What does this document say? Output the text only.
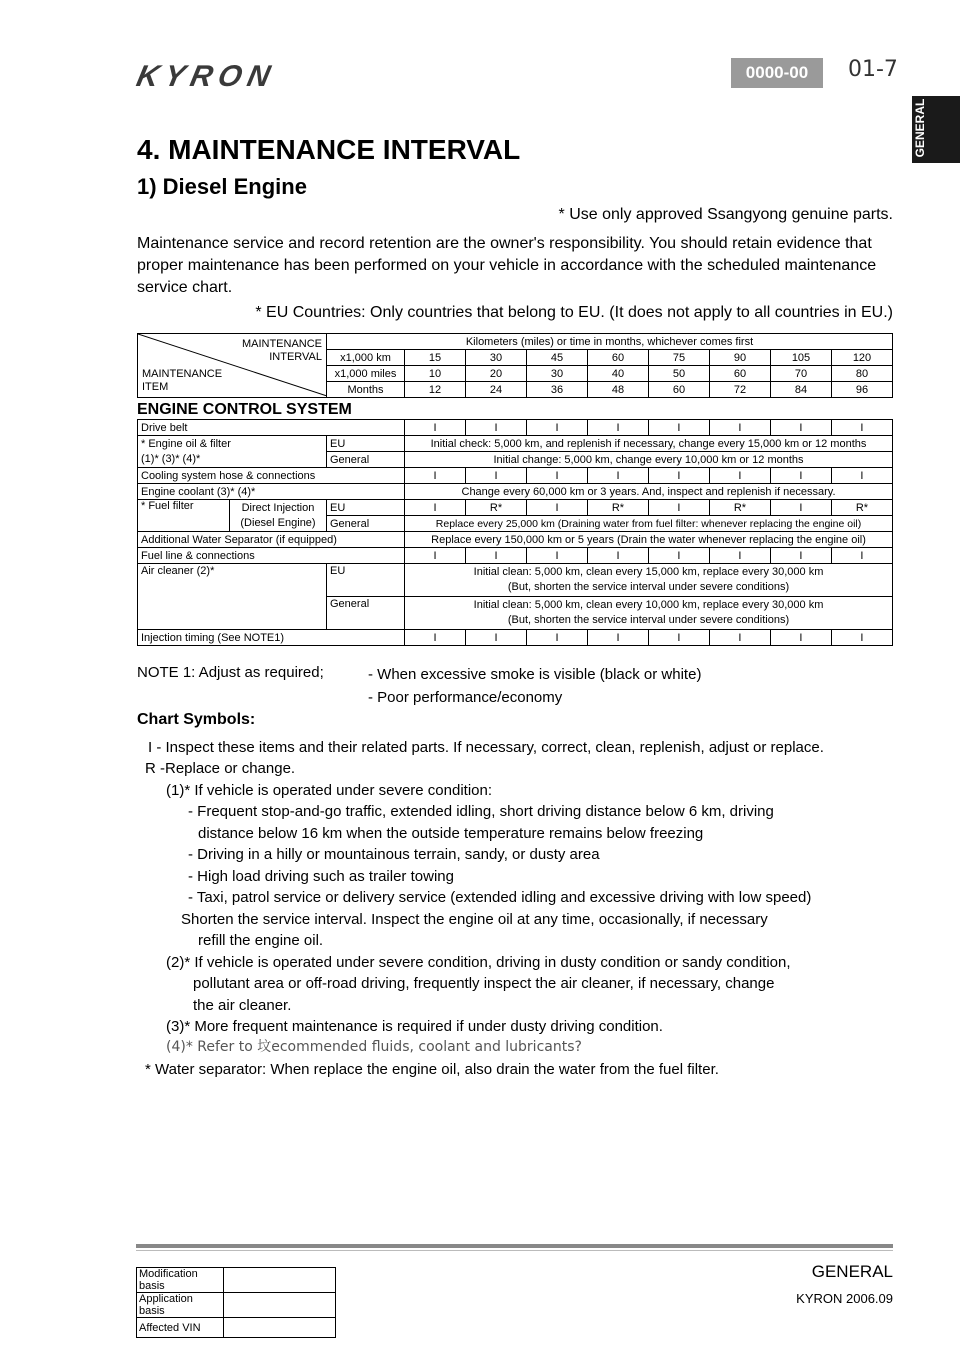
KYRON	0000-00	01-7
GENERAL
4. MAINTENANCE INTERVAL
1) Diesel Engine
* Use only approved Ssangyong genuine parts.
Maintenance service and record retention are the owner's responsibility. You should retain evidence that proper maintenance has been performed on your vehicle in accordance with the scheduled maintenance service chart.
* EU Countries: Only countries that belong to EU. (It does not apply to all countries in EU.)
MAINTENANCE
INTERVAL
MAINTENANCE
ITEM	Kilometers (miles) or time in months, whichever comes first								
	x1,000 km	15	30	45	60	75	90	105	120
	x1,000 miles	10	20	30	40	50	60	70	80
	Months	12	24	36	48	60	72	84	96
ENGINE CONTROL SYSTEM
Drive belt			I	I	I	I	I	I	I	I

* Engine oil & filter
(1)* (3)* (4)*		EU	Initial check: 5,000 km, and replenish if necessary, change every 15,000 km or 12 months							
		General	Initial change: 5,000 km, change every 10,000 km or 12 months							
Cooling system hose & connections			I	I	I	I	I	I	I	I
Engine coolant (3)* (4)*			Change every 60,000 km or 3 years. And, inspect and replenish if necessary.							
* Fuel filter	Direct Injection
(Diesel Engine)	EU	I	R*	I	R*	I	R*	I	R*
		General	Replace every 25,000 km (Draining water from fuel filter: whenever replacing the engine oil)							
Additional Water Separator (if equipped)			Replace every 150,000 km or 5 years (Drain the water whenever replacing the engine oil)							
Fuel line & connections			I	I	I	I	I	I	I	I
Air cleaner (2)*		EU	Initial clean: 5,000 km, clean every 15,000 km, replace every 30,000 km
(But, shorten the service interval under severe conditions)							

		General	Initial clean: 5,000 km, clean every 10,000 km, replace every 30,000 km
(But, shorten the service interval under severe conditions)							

Injection timing (See NOTE1)			I	I	I	I	I	I	I	I
NOTE 1: Adjust as required;	- When excessive smoke is visible (black or white)
- Poor performance/economy
Chart Symbols:
I - Inspect these items and their related parts. If necessary, correct, clean, replenish, adjust or replace.
R -Replace or change.
(1)* If vehicle is operated under severe condition:
- Frequent stop-and-go traffic, extended idling, short driving distance below 6 km, driving
distance below 16 km when the outside temperature remains below freezing
- Driving in a hilly or mountainous terrain, sandy, or dusty area
- High load driving such as trailer towing
- Taxi, patrol service or delivery service (extended idling and excessive driving with low speed)
Shorten the service interval. Inspect the engine oil at any time, occasionally, if necessary
refill the engine oil.
(2)* If vehicle is operated under severe condition, driving in dusty condition or sandy condition,
pollutant area or off-road driving, frequently inspect the air cleaner, if necessary, change
the air cleaner.
(3)* More frequent maintenance is required if under dusty driving condition.
(4)* Refer to 坟ecommended fluids, coolant and lubricants?
* Water separator: When replace the engine oil, also drain the water from the fuel filter.
GENERAL
KYRON 2006.09
Modification basis	
Application basis	
Affected VIN	
